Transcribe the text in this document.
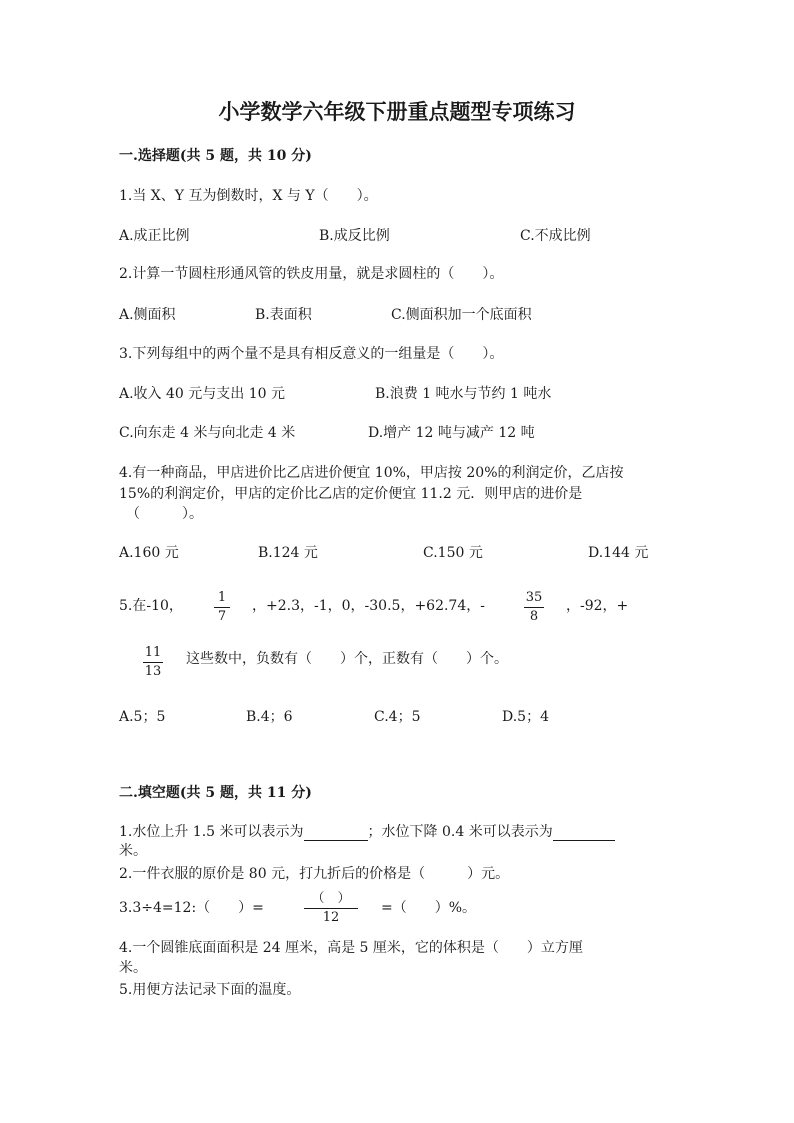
小学数学六年级下册重点题型专项练习
一.选择题(共 5 题，共 10 分)
1.当 X、Y 互为倒数时，X 与 Y（　　）。
A.成正比例	B.成反比例	C.不成比例
2.计算一节圆柱形通风管的铁皮用量，就是求圆柱的（　　）。
A.侧面积	B.表面积	C.侧面积加一个底面积
3.下列每组中的两个量不是具有相反意义的一组量是（　　）。
A.收入 40 元与支出 10 元	B.浪费 1 吨水与节约 1 吨水
C.向东走 4 米与向北走 4 米	D.增产 12 吨与减产 12 吨
4.有一种商品，甲店进价比乙店进价便宜 10%，甲店按 20%的利润定价，乙店按
15%的利润定价，甲店的定价比乙店的定价便宜 11.2 元．则甲店的进价是
（　　　）。
A.160 元	B.124 元	C.150 元	D.144 元
5.在-10，
1
7
，+2.3，-1，0，-30.5，+62.74，-
35
8
，-92，+
11
13
这些数中，负数有（　　）个，正数有（　　）个。
A.5；5	B.4；6	C.4；5	D.5；4
二.填空题(共 5 题，共 11 分)
1.水位上升 1.5 米可以表示为	；水位下降 0.4 米可以表示为
米。
2.一件衣服的原价是 80 元，打九折后的价格是（　　　）元。
3.3÷4=12:（　　）=
（　）
12
=（　　）%。
4.一个圆锥底面面积是 24 厘米，高是 5 厘米，它的体积是（　　）立方厘
米。
5.用便方法记录下面的温度。
